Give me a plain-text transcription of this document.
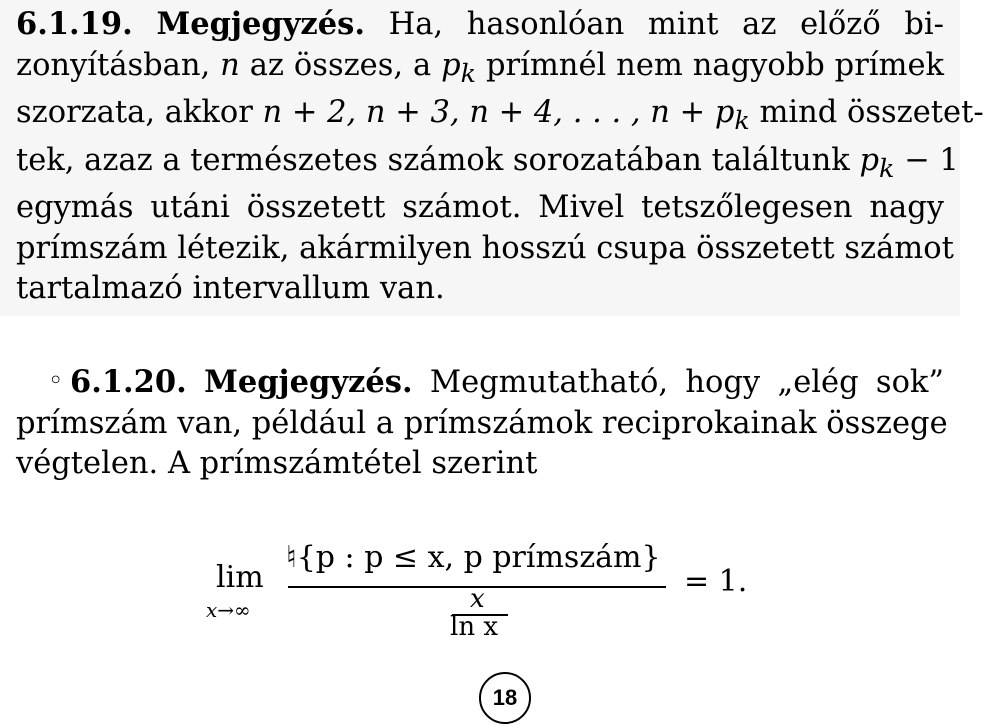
6.1.19. Megjegyzés. Ha, hasonlóan mint az előző bi-
zonyításban, n az összes, a $p_k$ prímnél nem nagyobb prímek
szorzata, akkor n + 2, n + 3, n + 4, . . . , $n + p_k$ mind összetet-
tek, azaz a természetes számok sorozatában találtunk $p_k - 1$
egymás utáni összetett számot. Mivel tetszőlegesen nagy
prímszám létezik, akármilyen hosszú csupa összetett számot
tartalmazó intervallum van.
◦ 6.1.20. Megjegyzés. Megmutatható, hogy „elég sok”
prímszám van, például a prímszámok reciprokainak összege
végtelen. A prímszámtétel szerint
lim
x→∞
♮{p : p ≤ x, p prímszám}
x
ln x
= 1.
18
